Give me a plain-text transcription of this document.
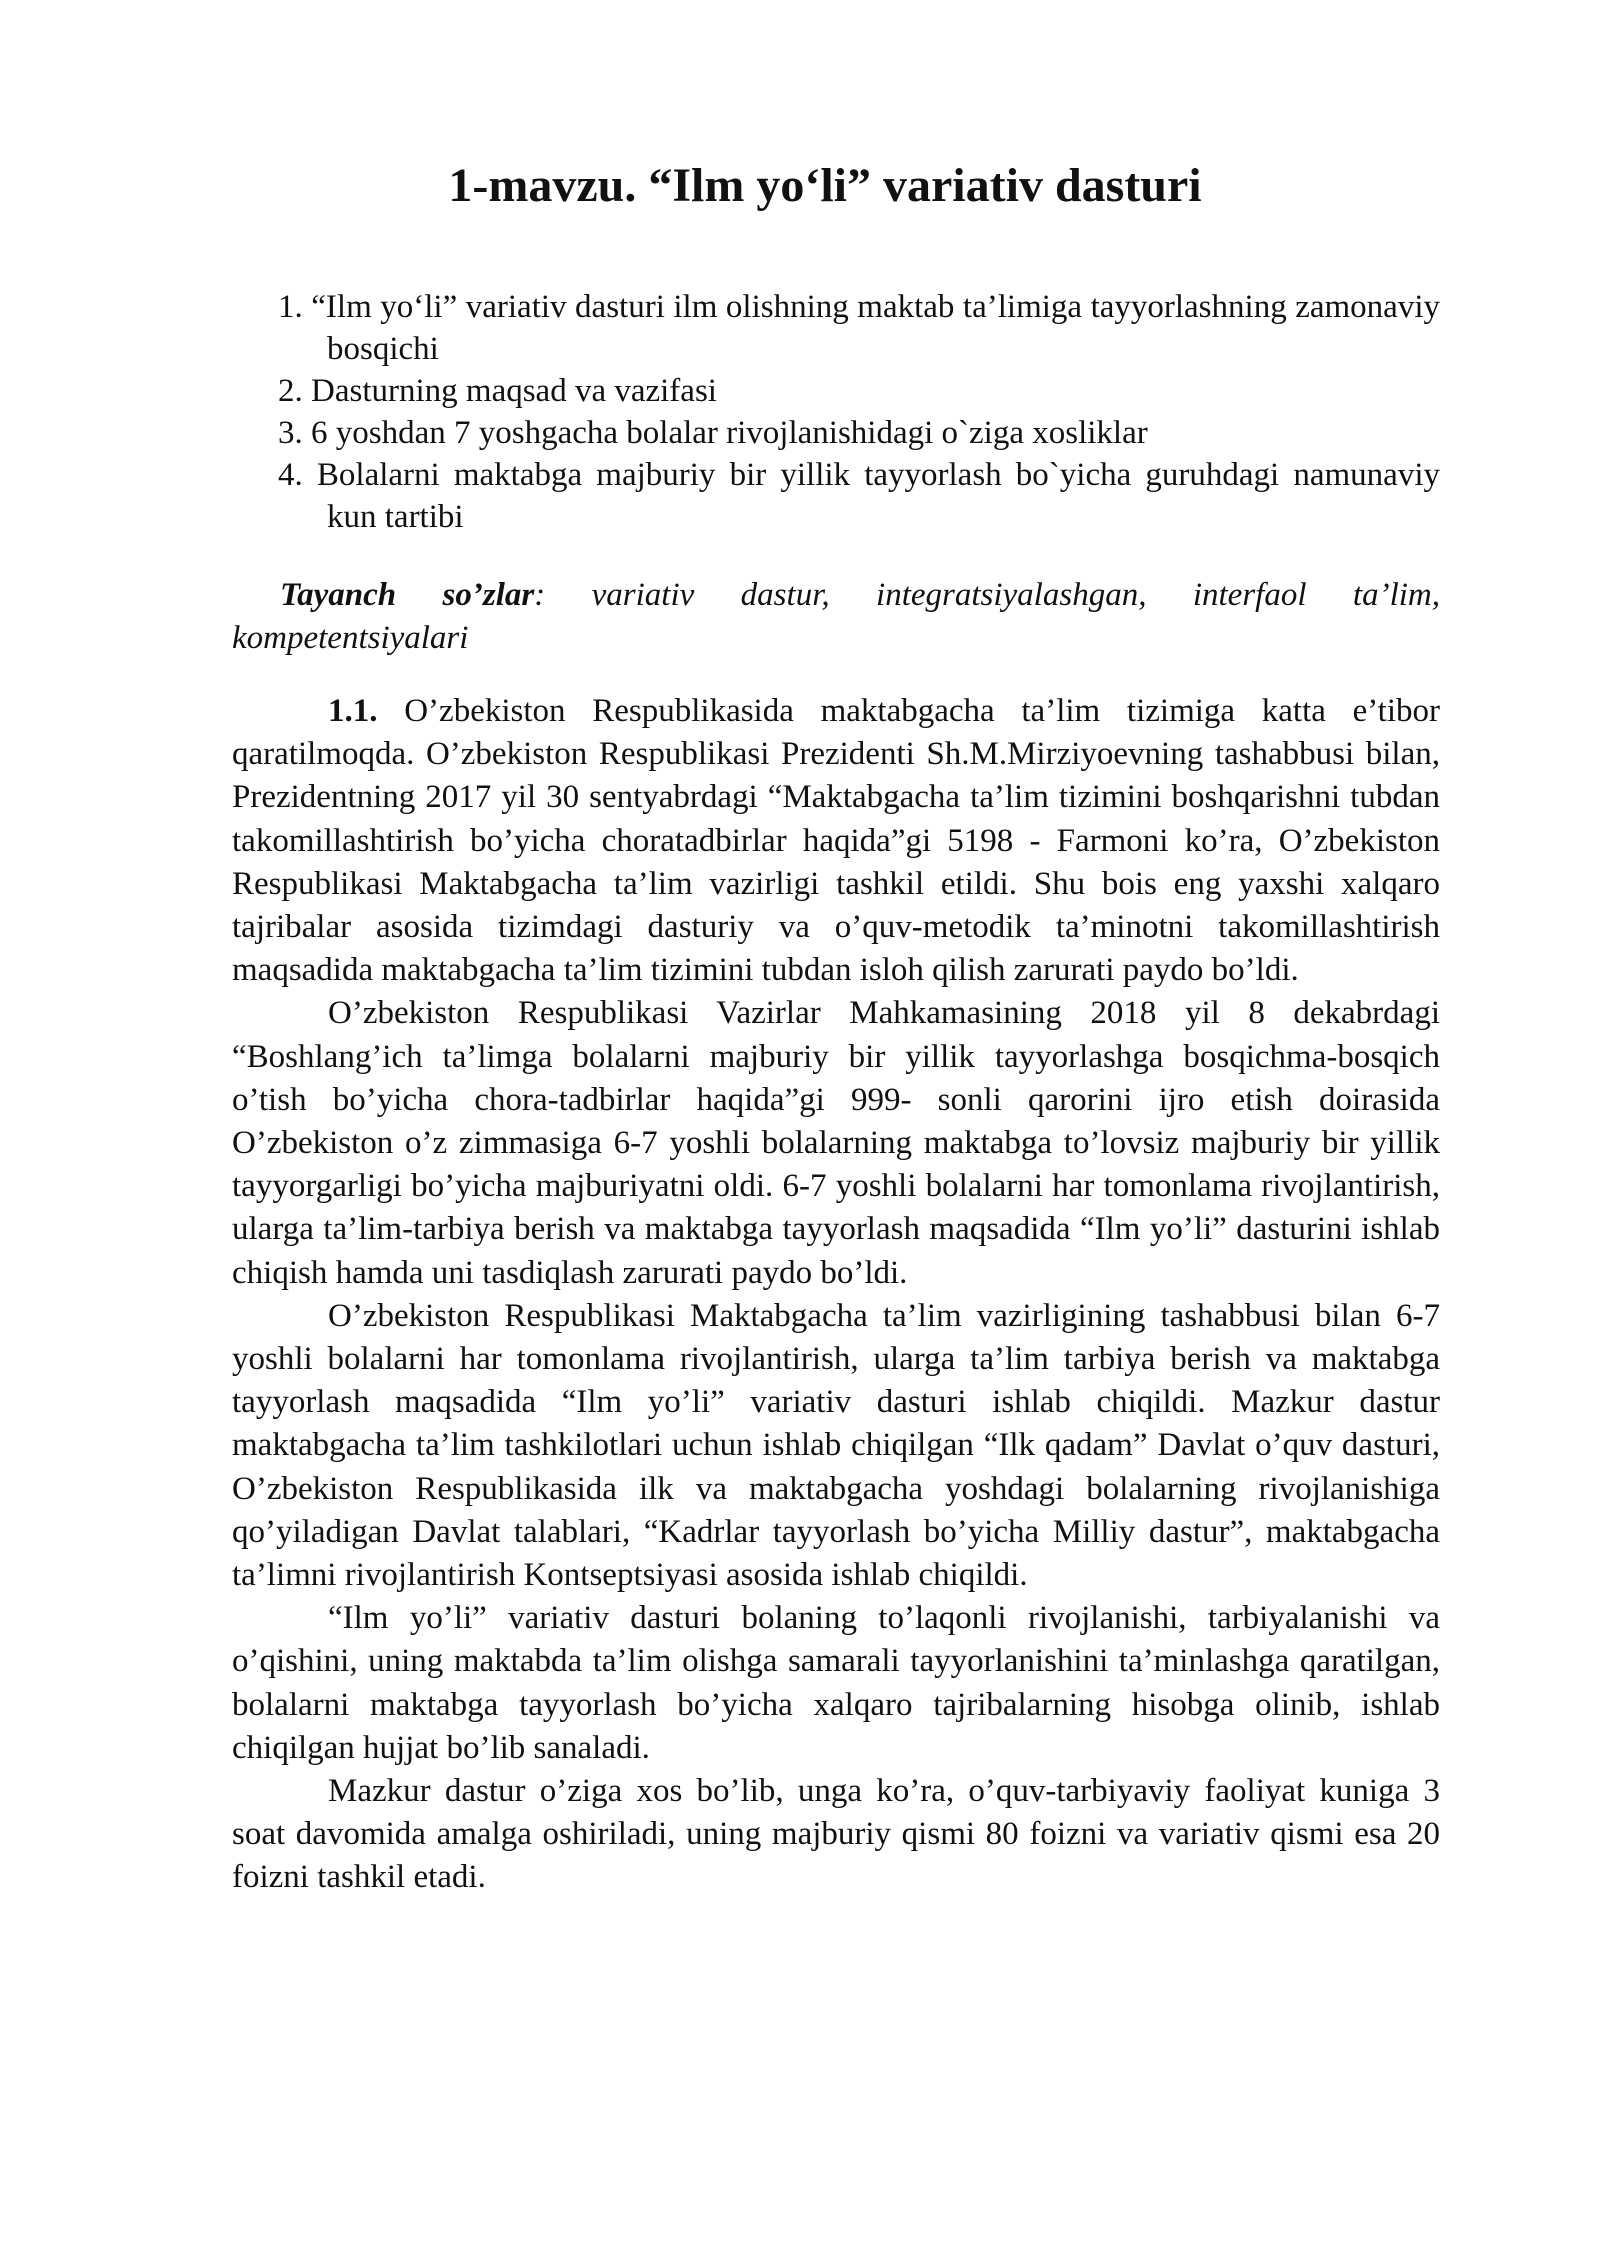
1-mavzu. “Ilm yo‘li” variativ dasturi
1. “Ilm yo‘li” variativ dasturi ilm olishning maktab ta’limiga tayyorlashning zamonaviy bosqichi
2. Dasturning maqsad va vazifasi
3. 6 yoshdan 7 yoshgacha bolalar rivojlanishidagi o`ziga xosliklar
4. Bolalarni maktabga majburiy bir yillik tayyorlash bo`yicha guruhdagi namunaviy kun tartibi

Tayanch so’zlar: variativ dastur, integratsiyalashgan, interfaol ta’lim, kompetentsiyalari

1.1. O’zbekiston Respublikasida maktabgacha ta’lim tizimiga katta e’tibor qaratilmoqda. O’zbekiston Respublikasi Prezidenti Sh.M.Mirziyoevning tashabbusi bilan, Prezidentning 2017 yil 30 sentyabrdagi “Maktabgacha ta’lim tizimini boshqarishni tubdan takomillashtirish bo’yicha choratadbirlar haqida”gi 5198 - Farmoni ko’ra, O’zbekiston Respublikasi Maktabgacha ta’lim vazirligi tashkil etildi. Shu bois eng yaxshi xalqaro tajribalar asosida tizimdagi dasturiy va o’quv-metodik ta’minotni takomillashtirish maqsadida maktabgacha ta’lim tizimini tubdan isloh qilish zarurati paydo bo’ldi.

O’zbekiston Respublikasi Vazirlar Mahkamasining 2018 yil 8 dekabrdagi “Boshlang’ich ta’limga bolalarni majburiy bir yillik tayyorlashga bosqichma-bosqich o’tish bo’yicha chora-tadbirlar haqida”gi 999- sonli qarorini ijro etish doirasida O’zbekiston o’z zimmasiga 6-7 yoshli bolalarning maktabga to’lovsiz majburiy bir yillik tayyorgarligi bo’yicha majburiyatni oldi. 6-7 yoshli bolalarni har tomonlama rivojlantirish, ularga ta’lim-tarbiya berish va maktabga tayyorlash maqsadida “Ilm yo’li” dasturini ishlab chiqish hamda uni tasdiqlash zarurati paydo bo’ldi.

O’zbekiston Respublikasi Maktabgacha ta’lim vazirligining tashabbusi bilan 6-7 yoshli bolalarni har tomonlama rivojlantirish, ularga ta’lim tarbiya berish va maktabga tayyorlash maqsadida “Ilm yo’li” variativ dasturi ishlab chiqildi. Mazkur dastur maktabgacha ta’lim tashkilotlari uchun ishlab chiqilgan “Ilk qadam” Davlat o’quv dasturi, O’zbekiston Respublikasida ilk va maktabgacha yoshdagi bolalarning rivojlanishiga qo’yiladigan Davlat talablari, “Kadrlar tayyorlash bo’yicha Milliy dastur”, maktabgacha ta’limni rivojlantirish Kontseptsiyasi asosida ishlab chiqildi.

“Ilm yo’li” variativ dasturi bolaning to’laqonli rivojlanishi, tarbiyalanishi va o’qishini, uning maktabda ta’lim olishga samarali tayyorlanishini ta’minlashga qaratilgan, bolalarni maktabga tayyorlash bo’yicha xalqaro tajribalarning hisobga olinib, ishlab chiqilgan hujjat bo’lib sanaladi.

Mazkur dastur o’ziga xos bo’lib, unga ko’ra, o’quv-tarbiyaviy faoliyat kuniga 3 soat davomida amalga oshiriladi, uning majburiy qismi 80 foizni va variativ qismi esa 20 foizni tashkil etadi.
